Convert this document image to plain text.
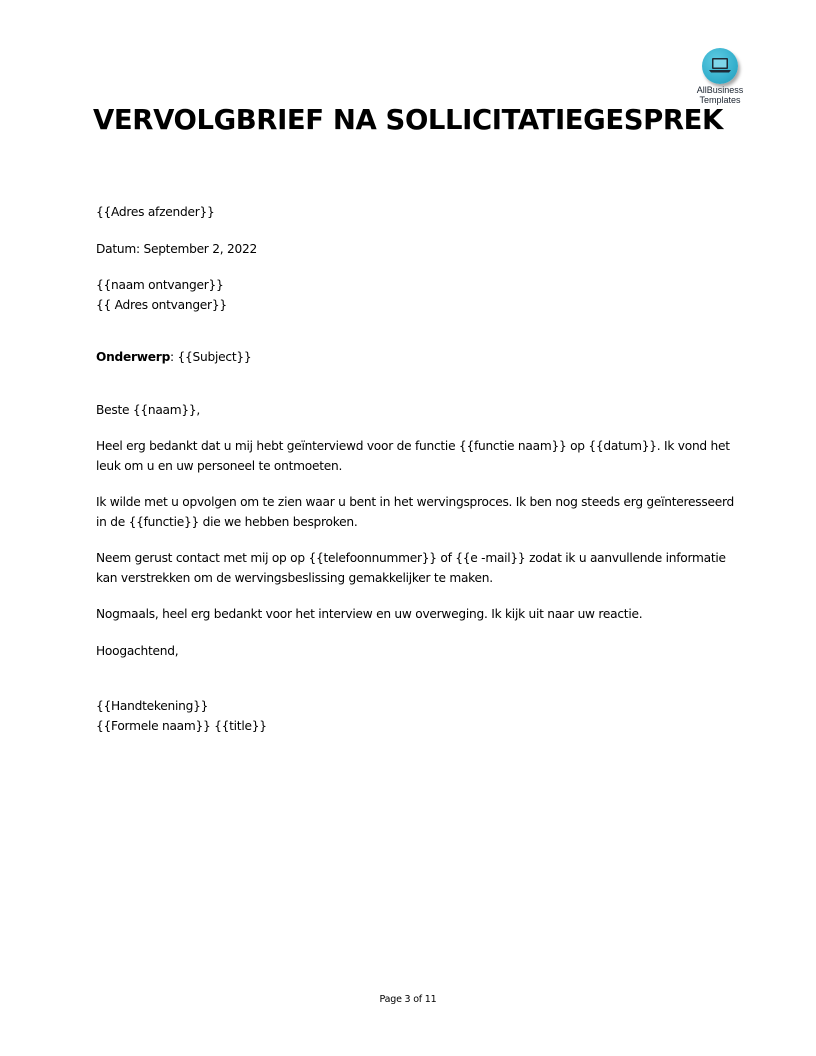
AllBusiness
Templates
VERVOLGBRIEF NA SOLLICITATIEGESPREK

{{Adres afzender}}

Datum: September 2, 2022

{{naam ontvanger}}

{{ Adres ontvanger}}

Onderwerp: {{Subject}}

Beste {{naam}},

Heel erg bedankt dat u mij hebt geïnterviewd voor de functie {{functie naam}} op {{datum}}. Ik vond het leuk om u en uw personeel te ontmoeten.

Ik wilde met u opvolgen om te zien waar u bent in het wervingsproces. Ik ben nog steeds erg geïnteresseerd in de {{functie}} die we hebben besproken.

Neem gerust contact met mij op op {{telefoonnummer}} of {{e -mail}} zodat ik u aanvullende informatie kan verstrekken om de wervingsbeslissing gemakkelijker te maken.

Nogmaals, heel erg bedankt voor het interview en uw overweging. Ik kijk uit naar uw reactie.

Hoogachtend,

{{Handtekening}}

{{Formele naam}} {{title}}

Page 3 of 11
